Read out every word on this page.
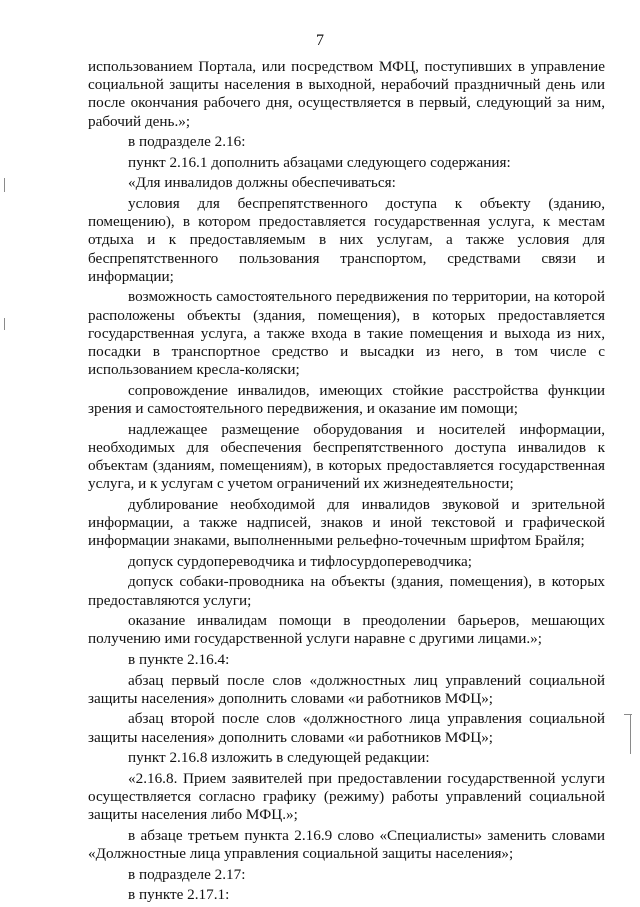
7

использованием Портала, или посредством МФЦ, поступивших в управление социальной защиты населения в выходной, нерабочий праздничный день или после окончания рабочего дня, осуществляется в первый, следующий за ним, рабочий день.»;

в подразделе 2.16:

пункт 2.16.1 дополнить абзацами следующего содержания:

«Для инвалидов должны обеспечиваться:

условия для беспрепятственного доступа к объекту (зданию, помещению), в котором предоставляется государственная услуга, к местам отдыха и к предоставляемым в них услугам, а также условия для беспрепятственного пользования транспортом, средствами связи и информации;

возможность самостоятельного передвижения по территории, на которой расположены объекты (здания, помещения), в которых предоставляется государственная услуга, а также входа в такие помещения и выхода из них, посадки в транспортное средство и высадки из него, в том числе с использованием кресла-коляски;

сопровождение инвалидов, имеющих стойкие расстройства функции зрения и самостоятельного передвижения, и оказание им помощи;

надлежащее размещение оборудования и носителей информации, необходимых для обеспечения беспрепятственного доступа инвалидов к объектам (зданиям, помещениям), в которых предоставляется государственная услуга, и к услугам с учетом ограничений их жизнедеятельности;

дублирование необходимой для инвалидов звуковой и зрительной информации, а также надписей, знаков и иной текстовой и графической информации знаками, выполненными рельефно-точечным шрифтом Брайля;

допуск сурдопереводчика и тифлосурдопереводчика;

допуск собаки-проводника на объекты (здания, помещения), в которых предоставляются услуги;

оказание инвалидам помощи в преодолении барьеров, мешающих получению ими государственной услуги наравне с другими лицами.»;

в пункте 2.16.4:

абзац первый после слов «должностных лиц управлений социальной защиты населения» дополнить словами «и работников МФЦ»;

абзац второй после слов «должностного лица управления социальной защиты населения» дополнить словами «и работников МФЦ»;

пункт 2.16.8 изложить в следующей редакции:

«2.16.8. Прием заявителей при предоставлении государственной услуги осуществляется согласно графику (режиму) работы управлений социальной защиты населения либо МФЦ.»;

в абзаце третьем пункта 2.16.9 слово «Специалисты» заменить словами «Должностные лица управления социальной защиты населения»;

в подразделе 2.17:

в пункте 2.17.1:
